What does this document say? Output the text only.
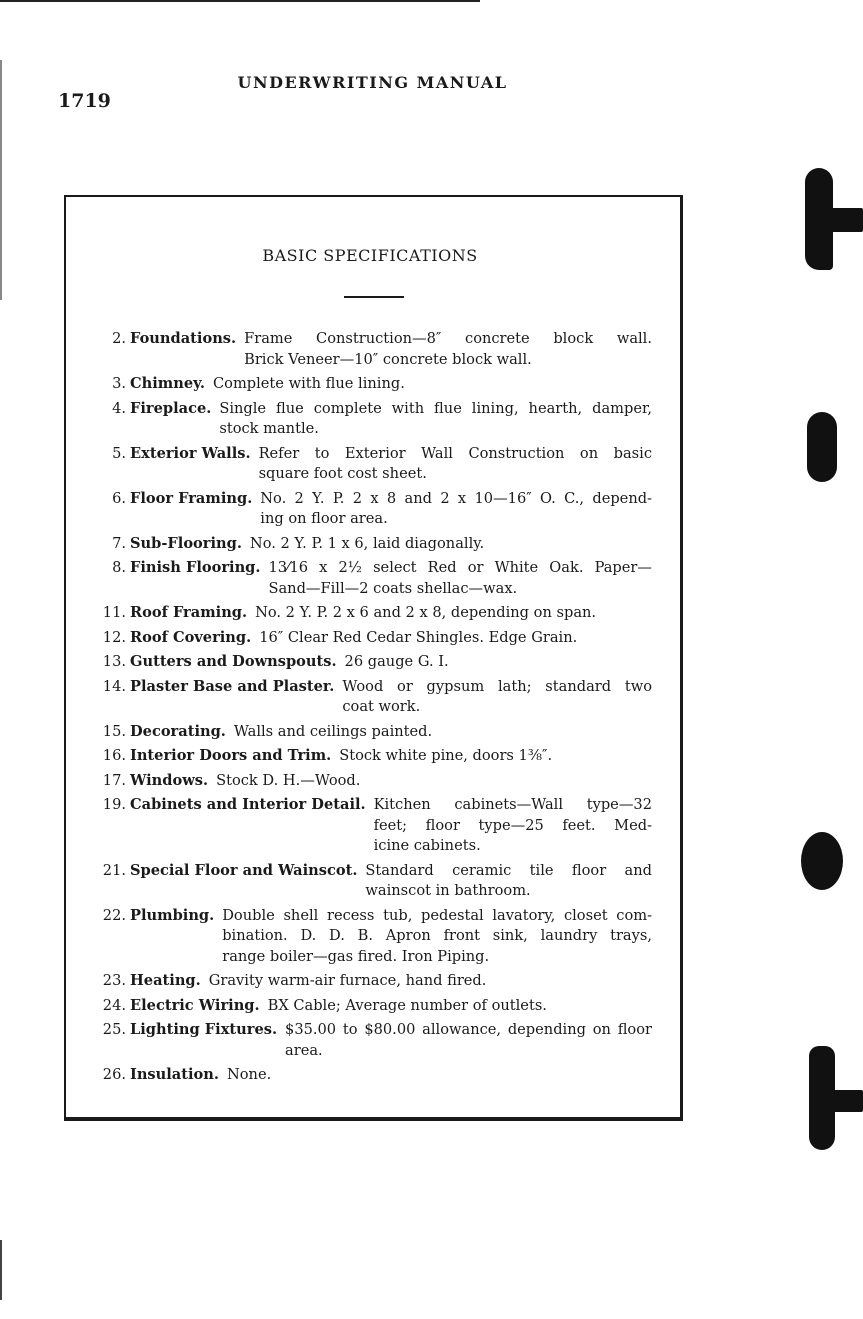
UNDERWRITING MANUAL
1719
BASIC SPECIFICATIONS
2. Foundations. Frame Construction—8″ concrete block wall.
Brick Veneer—10″ concrete block wall.
3. Chimney. Complete with flue lining.
4. Fireplace. Single flue complete with flue lining, hearth, damper,
stock mantle.
5. Exterior Walls. Refer to Exterior Wall Construction on basic
square foot cost sheet.
6. Floor Framing. No. 2 Y. P. 2 x 8 and 2 x 10—16″ O. C., depend-
ing on floor area.
7. Sub-Flooring. No. 2 Y. P. 1 x 6, laid diagonally.
8. Finish Flooring. 13⁄16 x 2½ select Red or White Oak. Paper—
Sand—Fill—2 coats shellac—wax.
11. Roof Framing. No. 2 Y. P. 2 x 6 and 2 x 8, depending on span.
12. Roof Covering. 16″ Clear Red Cedar Shingles. Edge Grain.
13. Gutters and Downspouts. 26 gauge G. I.
14. Plaster Base and Plaster. Wood or gypsum lath; standard two
coat work.
15. Decorating. Walls and ceilings painted.
16. Interior Doors and Trim. Stock white pine, doors 1⅜″.
17. Windows. Stock D. H.—Wood.
19. Cabinets and Interior Detail. Kitchen cabinets—Wall type—32
feet; floor type—25 feet. Med-
icine cabinets.
21. Special Floor and Wainscot. Standard ceramic tile floor and
wainscot in bathroom.
22. Plumbing. Double shell recess tub, pedestal lavatory, closet com-
bination. D. D. B. Apron front sink, laundry trays,
range boiler—gas fired. Iron Piping.
23. Heating. Gravity warm-air furnace, hand fired.
24. Electric Wiring. BX Cable; Average number of outlets.
25. Lighting Fixtures. $35.00 to $80.00 allowance, depending on floor
area.
26. Insulation. None.
